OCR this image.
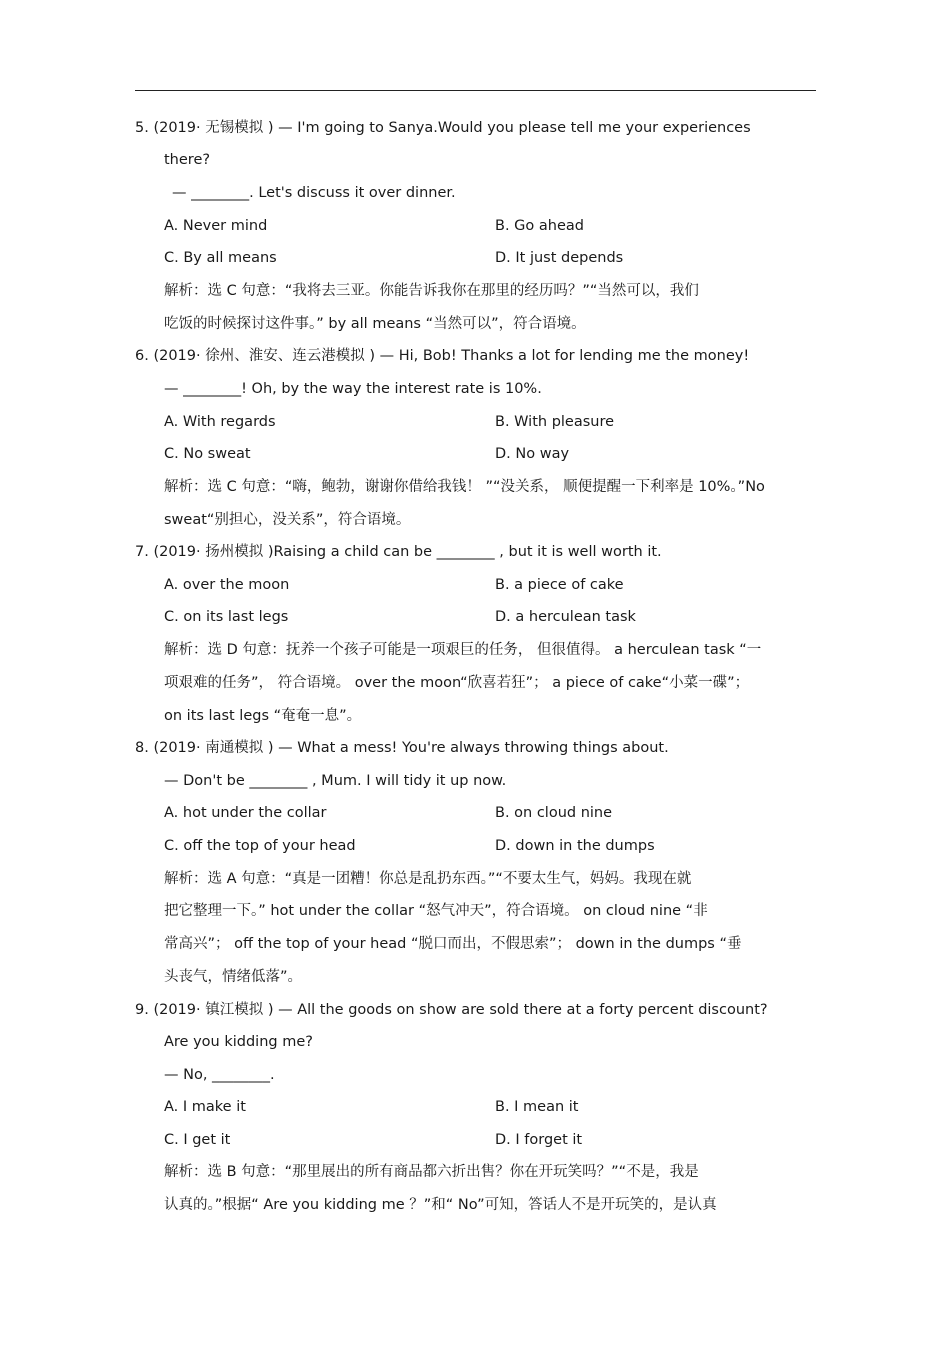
5. (2019· 无锡模拟 ) — I'm going to Sanya.Would you please tell me your experiences
there?
— ________. Let's discuss it over dinner.
A. Never mind	B. Go ahead
C. By all means	D. It just depends
解析：选 C 句意：“我将去三亚。你能告诉我你在那里的经历吗？”“当然可以，我们
吃饭的时候探讨这件事。” by all means “当然可以”，符合语境。
6. (2019· 徐州、淮安、连云港模拟 ) — Hi, Bob! Thanks a lot for lending me the money!
— ________! Oh, by the way the interest rate is 10%.
A. With regards	B. With pleasure
C. No sweat	D. No way
解析：选 C 句意：“嗨，鲍勃，谢谢你借给我钱！ ”“没关系， 顺便提醒一下利率是 10%。”No
sweat“别担心，没关系”，符合语境。
7. (2019· 扬州模拟 )Raising a child can be ________ , but it is well worth it.
A. over the moon	B. a piece of cake
C. on its last legs	D. a herculean task
解析：选 D 句意：抚养一个孩子可能是一项艰巨的任务， 但很值得。 a herculean task “一
项艰难的任务”， 符合语境。 over the moon“欣喜若狂”； a piece of cake“小菜一碟”；
on its last legs “奄奄一息”。
8. (2019· 南通模拟 ) — What a mess! You're always throwing things about.
— Don't be ________ , Mum. I will tidy it up now.
A. hot under the collar	B. on cloud nine
C. off the top of your head	D. down in the dumps
解析：选 A 句意：“真是一团糟！你总是乱扔东西。”“不要太生气，妈妈。我现在就
把它整理一下。” hot under the collar “怒气冲天”，符合语境。 on cloud nine “非
常高兴”； off the top of your head “脱口而出，不假思索”； down in the dumps “垂
头丧气，情绪低落”。
9. (2019· 镇江模拟 ) — All the goods on show are sold there at a forty percent discount?
Are you kidding me?
— No, ________.
A. I make it	B. I mean it
C. I get it	D. I forget it
解析：选 B 句意：“那里展出的所有商品都六折出售？你在开玩笑吗？”“不是，我是
认真的。”根据“ Are you kidding me ？”和“ No”可知，答话人不是开玩笑的，是认真
